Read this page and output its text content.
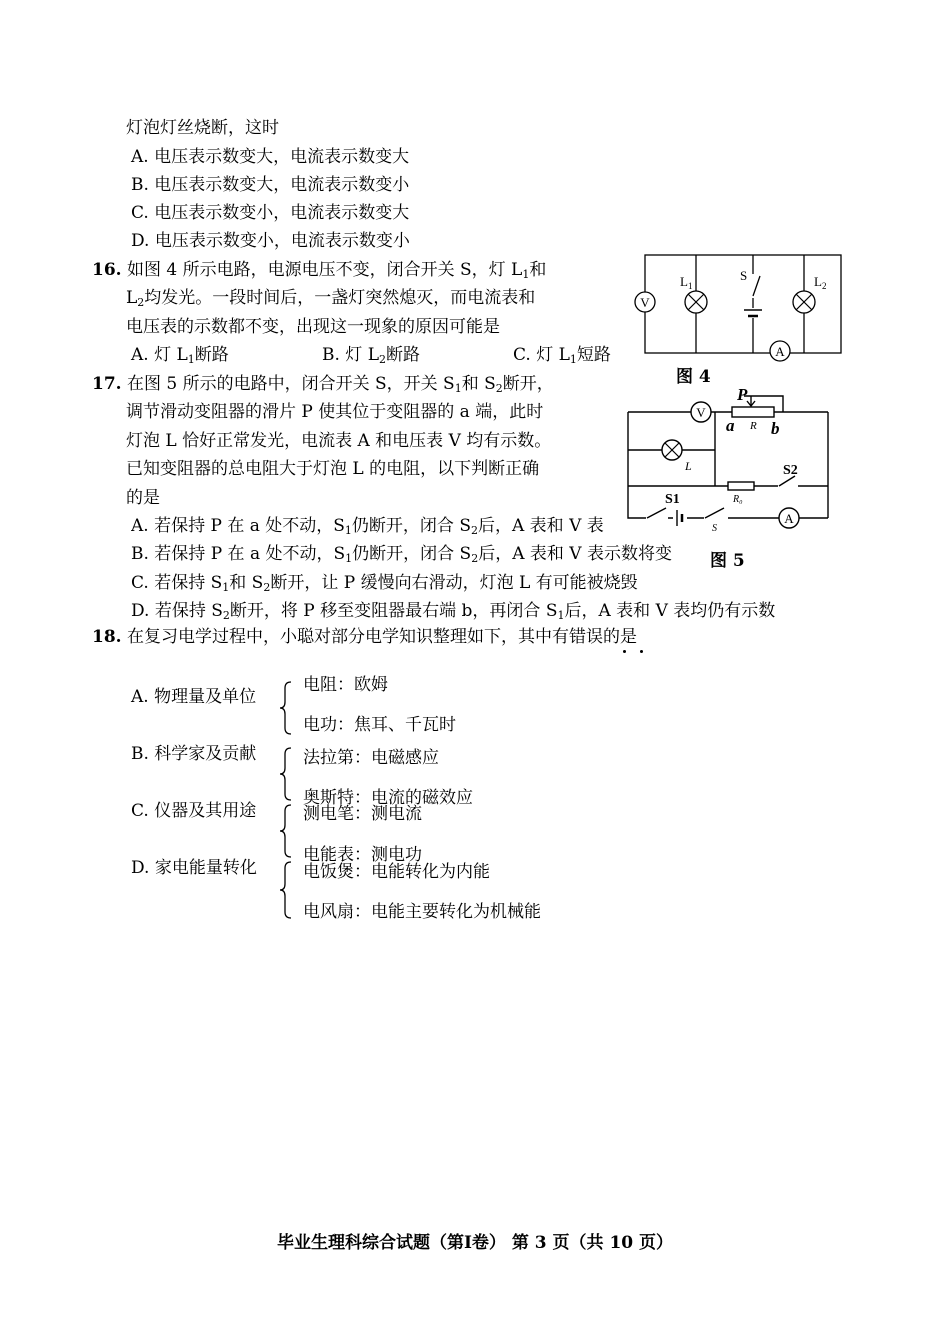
灯泡灯丝烧断，这时
A. 电压表示数变大，电流表示数变大
B. 电压表示数变大，电流表示数变小
C. 电压表示数变小，电流表示数变大
D. 电压表示数变小，电流表示数变小
16. 如图 4 所示电路，电源电压不变，闭合开关 S，灯 $L_1$和
$L_2$均发光。一段时间后，一盏灯突然熄灭，而电流表和
电压表的示数都不变，出现这一现象的原因可能是
A. 灯 $L_1$断路	B. 灯 $L_2$断路	C. 灯 $L_1$短路
V
$L_1$
S	$L_2$
A
图 4
17. 在图 5 所示的电路中，闭合开关 S，开关 $S_1$和 $S_2$断开，
调节滑动变阻器的滑片 P 使其位于变阻器的 a 端，此时
灯泡 L 恰好正常发光，电流表 A 和电压表 V 均有示数。
已知变阻器的总电阻大于灯泡 L 的电阻，以下判断正确
的是
A. 若保持 P 在 a 处不动，$S_1$仍断开，闭合 $S_2$后，A 表和 V 表
B. 若保持 P 在 a 处不动，$S_1$仍断开，闭合 $S_2$后，A 表和 V 表示数将变
C. 若保持 $S_1$和 $S_2$断开，让 P 缓慢向右滑动，灯泡 L 有可能被烧毁
D. 若保持 $S_2$断开，将 P 移至变阻器最右端 b，再闭合 $S_1$后，A 表和 V 表均仍有示数
P
a R b
V
L	S2
R₀
S1
S
A
图 5
18. 在复习电学过程中，小聪对部分电学知识整理如下，其中有错误的是
A. 物理量及单位
电阻：欧姆
电功：焦耳、千瓦时
B. 科学家及贡献	法拉第：电磁感应
奥斯特：电流的磁效应
C. 仪器及其用途	测电笔：测电流
电能表：测电功
D. 家电能量转化	电饭煲：电能转化为内能
电风扇：电能主要转化为机械能
毕业生理科综合试题（第Ⅰ卷） 第 3 页（共 10 页）
